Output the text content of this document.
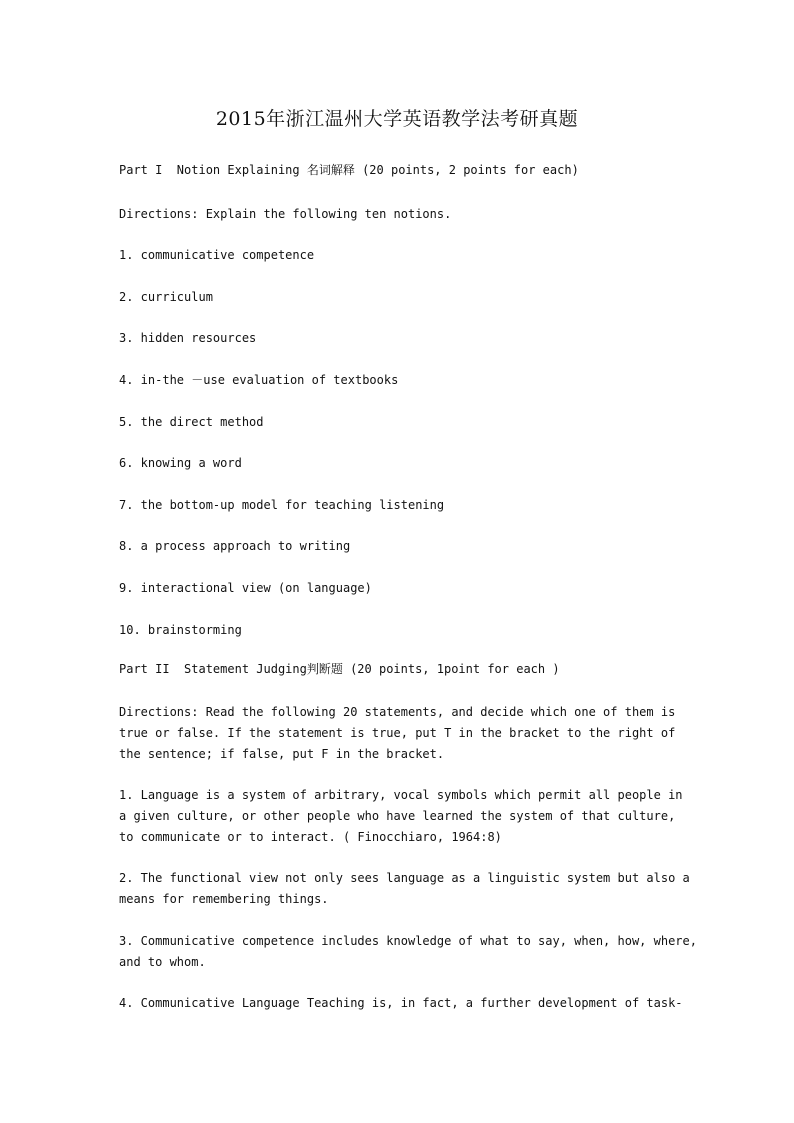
2015年浙江温州大学英语教学法考研真题
Part I  Notion Explaining 名词解释 (20 points, 2 points for each)
Directions: Explain the following ten notions.
1. communicative competence
2. curriculum
3. hidden resources
4. in-the －use evaluation of textbooks
5. the direct method
6. knowing a word
7. the bottom-up model for teaching listening
8. a process approach to writing
9. interactional view (on language)
10. brainstorming
Part II  Statement Judging判断题 (20 points, 1point for each )
Directions: Read the following 20 statements, and decide which one of them is
true or false. If the statement is true, put T in the bracket to the right of
the sentence; if false, put F in the bracket.
1. Language is a system of arbitrary, vocal symbols which permit all people in
a given culture, or other people who have learned the system of that culture,
to communicate or to interact. ( Finocchiaro, 1964:8)
2. The functional view not only sees language as a linguistic system but also a
means for remembering things.
3. Communicative competence includes knowledge of what to say, when, how, where,
and to whom.
4. Communicative Language Teaching is, in fact, a further development of task-
